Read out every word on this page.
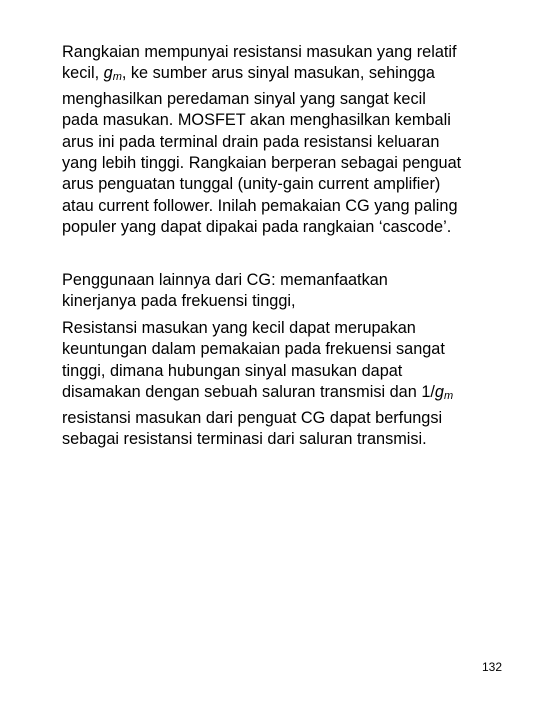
Rangkaian mempunyai resistansi masukan yang relatif
kecil, $g_m$, ke sumber arus sinyal masukan, sehingga
menghasilkan peredaman sinyal yang sangat kecil
pada masukan. MOSFET akan menghasilkan kembali
arus ini pada terminal drain pada resistansi keluaran
yang lebih tinggi. Rangkaian berperan sebagai penguat
arus penguatan tunggal (unity-gain current amplifier)
atau current follower. Inilah pemakaian CG yang paling
populer yang dapat dipakai pada rangkaian ‘cascode’.

Penggunaan lainnya dari CG: memanfaatkan
kinerjanya pada frekuensi tinggi,

Resistansi masukan yang kecil dapat merupakan
keuntungan dalam pemakaian pada frekuensi sangat
tinggi, dimana hubungan sinyal masukan dapat
disamakan dengan sebuah saluran transmisi dan $1/g_m$
resistansi masukan dari penguat CG dapat berfungsi
sebagai resistansi terminasi dari saluran transmisi.

132
